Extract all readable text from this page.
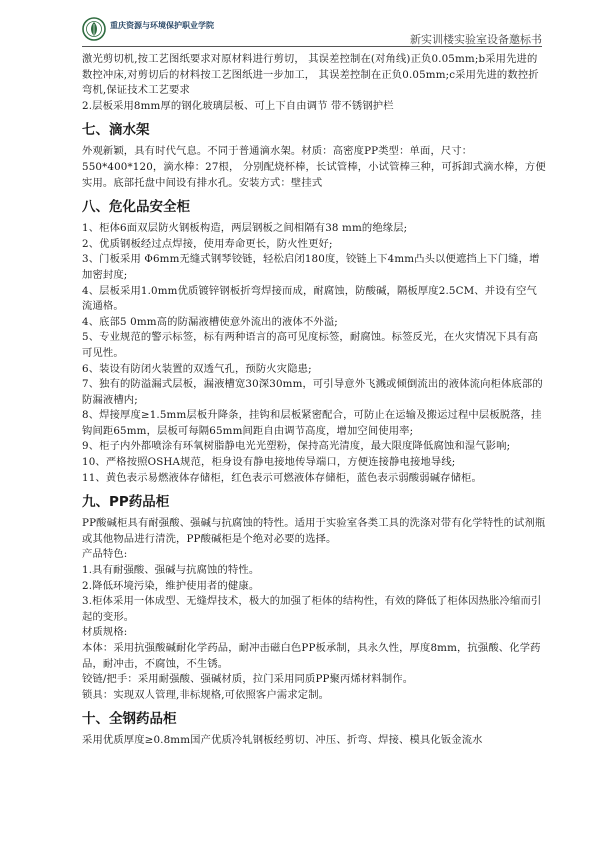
重庆资源与环境保护职业学院
新实训楼实验室设备邀标书

激光剪切机,按工艺图纸要求对原材料进行剪切， 其误差控制在(对角线)正负0.05mm;b采用先进的数控冲床,对剪切后的材料按工艺图纸进一步加工， 其误差控制在正负0.05mm;c采用先进的数控折弯机,保证技术工艺要求

2.层板采用8mm厚的钢化玻璃层板、可上下自由调节 带不锈钢护栏

七、滴水架

外观新颖，具有时代气息。不同于普通滴水架。材质：高密度PP类型：单面，尺寸：550*400*120，滴水棒：27根， 分别配烧杯棒，长试管棒，小试管棒三种，可拆卸式滴水棒，方便实用。底部托盘中间设有排水孔。安装方式：壁挂式

八、危化品安全柜

1、柜体6面双层防火钢板构造，两层钢板之间相隔有38 mm的绝缘层;

2、优质钢板经过点焊接，使用寿命更长，防火性更好;

3、门板采用 Φ6mm无缝式钢琴铰链，轻松启闭180度，铰链上下4mm凸头以便遮挡上下门缝，增加密封度;

4、层板采用1.0mm优质镀锌钢板折弯焊接而成，耐腐蚀，防酸碱，隔板厚度2.5CM、并设有空气流通格。

4、底部5 0mm高的防漏液槽使意外流出的液体不外溢;

5、专业规范的警示标签，标有两种语言的高可见度标签，耐腐蚀。标签反光，在火灾情况下具有高可见性。

6、装设有防闭火装置的双透气孔，预防火灾隐患;

7、独有的防溢漏式层板，漏液槽宽30深30mm，可引导意外飞溅或倾倒流出的液体流向柜体底部的防漏液槽内;

8、焊接厚度≥1.5mm层板升降条，挂钩和层板紧密配合，可防止在运输及搬运过程中层板脱落，挂钩间距65mm，层板可每隔65mm间距自由调节高度，增加空间使用率;

9、柜子内外都喷涂有环氧树脂静电光光塑粉，保持高光清度，最大限度降低腐蚀和湿气影响;

10、严格按照OSHA规范，柜身设有静电接地传导端口，方便连接静电接地导线;

11、黄色表示易燃液体存储柜，红色表示可燃液体存储柜，蓝色表示弱酸弱碱存储柜。

九、PP药品柜

PP酸碱柜具有耐强酸、强碱与抗腐蚀的特性。适用于实验室各类工具的洗涤对带有化学特性的试剂瓶或其他物品进行清洗，PP酸碱柜是个绝对必要的选择。

产品特色:

1.具有耐强酸、强碱与抗腐蚀的特性。

2.降低环境污染，维护使用者的健康。

3.柜体采用一体成型、无缝焊技术，极大的加强了柜体的结构性，有效的降低了柜体因热胀冷缩而引起的变形。

材质规格:

本体：采用抗强酸碱耐化学药品，耐冲击磁白色PP板承制，具永久性，厚度8mm，抗强酸、化学药品，耐冲击，不腐蚀，不生锈。

铰链/把手：采用耐强酸、强碱材质，拉门采用同质PP聚丙烯材料制作。

锁具：实现双人管理,非标规格,可依照客户需求定制。

十、全钢药品柜

采用优质厚度≥0.8mm国产优质冷轧钢板经剪切、冲压、折弯、焊接、模具化钣金流水
